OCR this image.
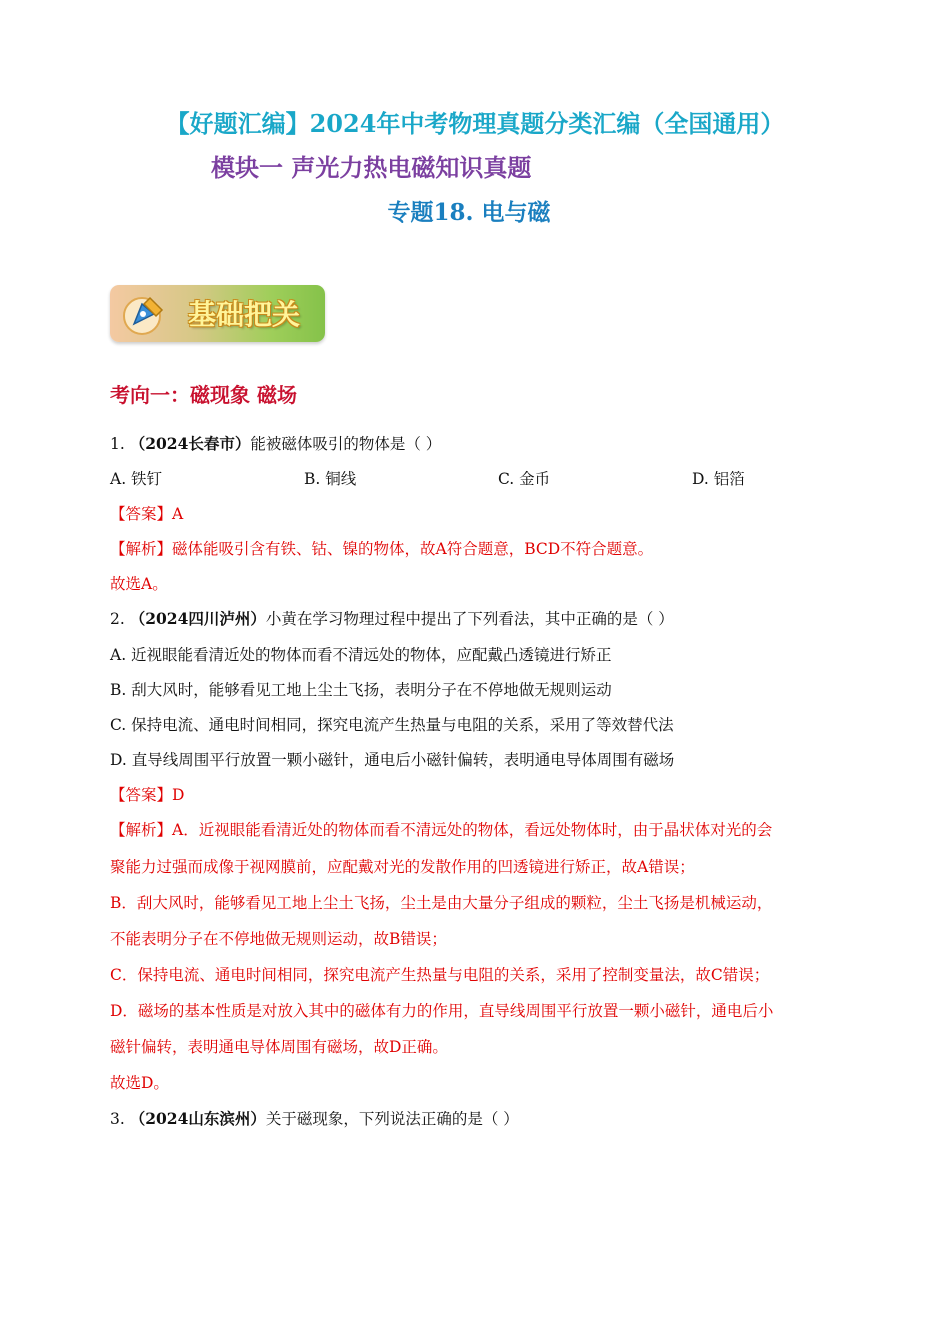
【好题汇编】2024年中考物理真题分类汇编（全国通用）
模块一 声光力热电磁知识真题
专题18. 电与磁
基础把关
考向一：磁现象 磁场
1. （2024长春市）能被磁体吸引的物体是（ ）
A. 铁钉	B. 铜线	C. 金币	D. 铝箔
【答案】A
【解析】磁体能吸引含有铁、钴、镍的物体，故A符合题意，BCD不符合题意。
故选A。
2. （2024四川泸州）小黄在学习物理过程中提出了下列看法，其中正确的是（ ）
A. 近视眼能看清近处的物体而看不清远处的物体，应配戴凸透镜进行矫正
B. 刮大风时，能够看见工地上尘土飞扬，表明分子在不停地做无规则运动
C. 保持电流、通电时间相同，探究电流产生热量与电阻的关系，采用了等效替代法
D. 直导线周围平行放置一颗小磁针，通电后小磁针偏转，表明通电导体周围有磁场
【答案】D
【解析】A．近视眼能看清近处的物体而看不清远处的物体，看远处物体时，由于晶状体对光的会
聚能力过强而成像于视网膜前，应配戴对光的发散作用的凹透镜进行矫正，故A错误；
B．刮大风时，能够看见工地上尘土飞扬，尘土是由大量分子组成的颗粒，尘土飞扬是机械运动，
不能表明分子在不停地做无规则运动，故B错误；
C．保持电流、通电时间相同，探究电流产生热量与电阻的关系，采用了控制变量法，故C错误；
D．磁场的基本性质是对放入其中的磁体有力的作用，直导线周围平行放置一颗小磁针，通电后小
磁针偏转，表明通电导体周围有磁场，故D正确。
故选D。
3. （2024山东滨州）关于磁现象，下列说法正确的是（ ）
